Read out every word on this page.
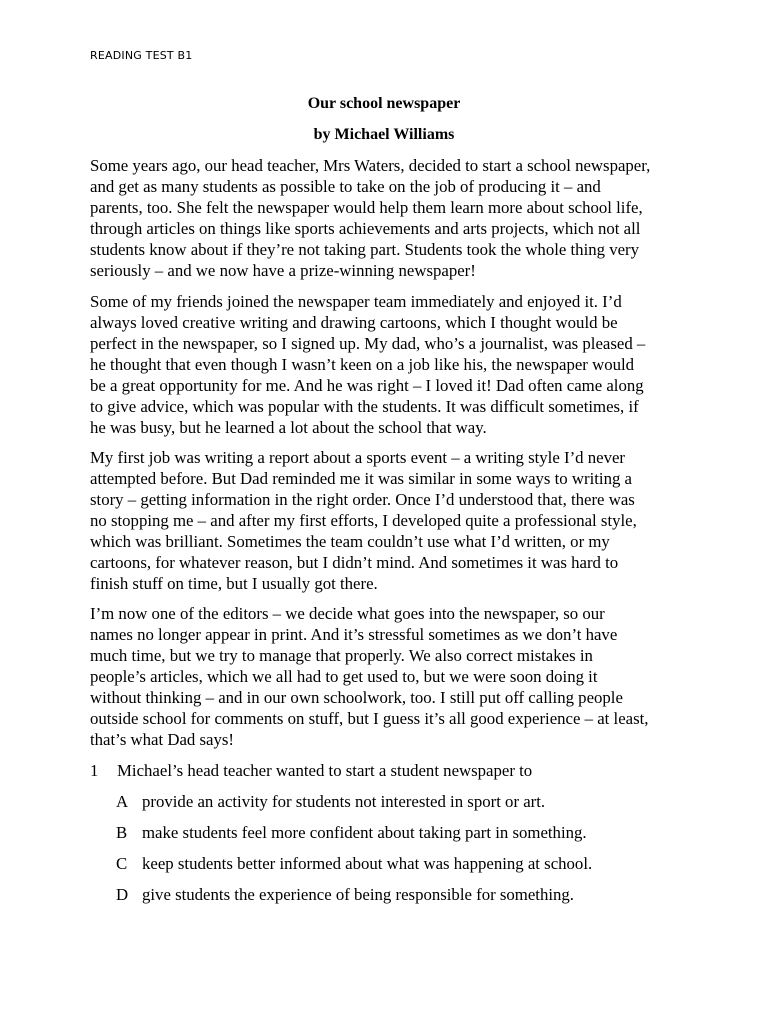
READING TEST B1
Our school newspaper
by Michael Williams
Some years ago, our head teacher, Mrs Waters, decided to start a school newspaper,
and get as many students as possible to take on the job of producing it – and
parents, too. She felt the newspaper would help them learn more about school life,
through articles on things like sports achievements and arts projects, which not all
students know about if they’re not taking part. Students took the whole thing very
seriously – and we now have a prize-winning newspaper!
Some of my friends joined the newspaper team immediately and enjoyed it. I’d
always loved creative writing and drawing cartoons, which I thought would be
perfect in the newspaper, so I signed up. My dad, who’s a journalist, was pleased –
he thought that even though I wasn’t keen on a job like his, the newspaper would
be a great opportunity for me. And he was right – I loved it! Dad often came along
to give advice, which was popular with the students. It was difficult sometimes, if
he was busy, but he learned a lot about the school that way.
My first job was writing a report about a sports event – a writing style I’d never
attempted before. But Dad reminded me it was similar in some ways to writing a
story – getting information in the right order. Once I’d understood that, there was
no stopping me – and after my first efforts, I developed quite a professional style,
which was brilliant. Sometimes the team couldn’t use what I’d written, or my
cartoons, for whatever reason, but I didn’t mind. And sometimes it was hard to
finish stuff on time, but I usually got there.
I’m now one of the editors – we decide what goes into the newspaper, so our
names no longer appear in print. And it’s stressful sometimes as we don’t have
much time, but we try to manage that properly. We also correct mistakes in
people’s articles, which we all had to get used to, but we were soon doing it
without thinking – and in our own schoolwork, too. I still put off calling people
outside school for comments on stuff, but I guess it’s all good experience – at least,
that’s what Dad says!
1 Michael’s head teacher wanted to start a student newspaper to
A provide an activity for students not interested in sport or art.
B make students feel more confident about taking part in something.
C keep students better informed about what was happening at school.
D give students the experience of being responsible for something.
